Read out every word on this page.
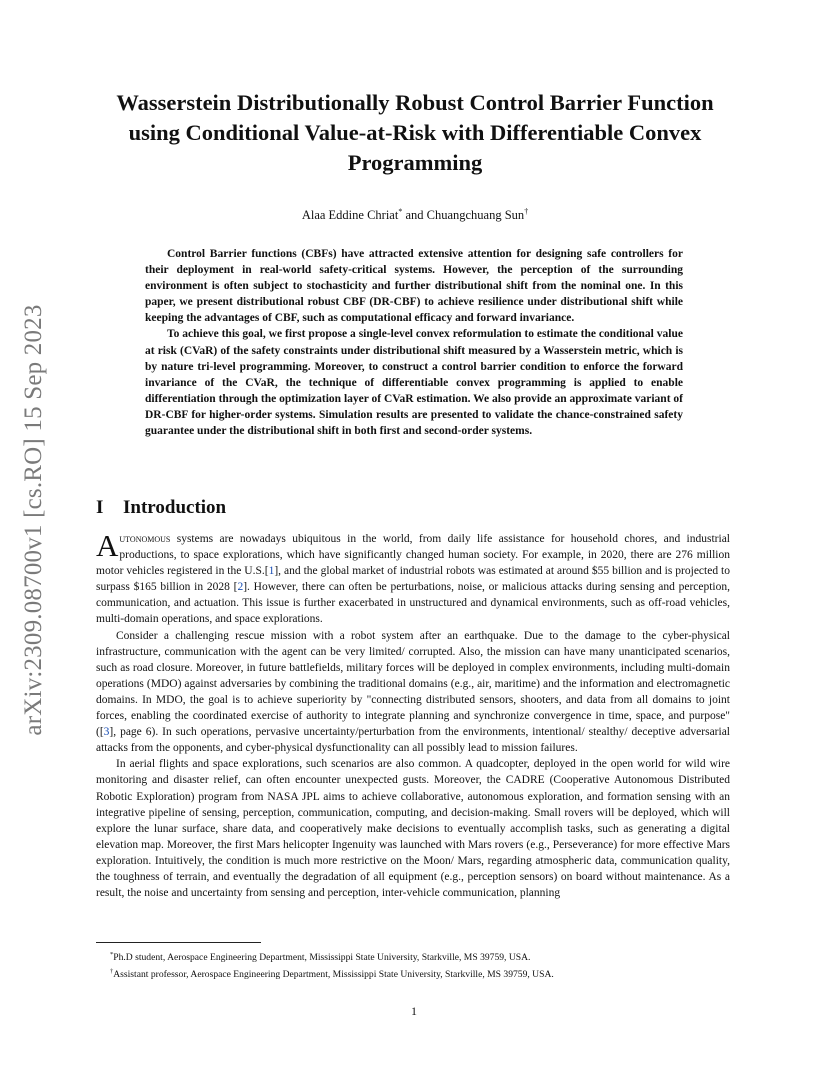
arXiv:2309.08700v1 [cs.RO] 15 Sep 2023
Wasserstein Distributionally Robust Control Barrier Function using Conditional Value-at-Risk with Differentiable Convex Programming
Alaa Eddine Chriat* and Chuangchuang Sun†

Control Barrier functions (CBFs) have attracted extensive attention for designing safe controllers for their deployment in real-world safety-critical systems. However, the perception of the surrounding environment is often subject to stochasticity and further distributional shift from the nominal one. In this paper, we present distributional robust CBF (DR-CBF) to achieve resilience under distributional shift while keeping the advantages of CBF, such as computational efficacy and forward invariance.

To achieve this goal, we first propose a single-level convex reformulation to estimate the conditional value at risk (CVaR) of the safety constraints under distributional shift measured by a Wasserstein metric, which is by nature tri-level programming. Moreover, to construct a control barrier condition to enforce the forward invariance of the CVaR, the technique of differentiable convex programming is applied to enable differentiation through the optimization layer of CVaR estimation. We also provide an approximate variant of DR-CBF for higher-order systems. Simulation results are presented to validate the chance-constrained safety guarantee under the distributional shift in both first and second-order systems.

I Introduction

Autonomous systems are nowadays ubiquitous in the world, from daily life assistance for household chores, and industrial productions, to space explorations, which have significantly changed human society. For example, in 2020, there are 276 million motor vehicles registered in the U.S.[1], and the global market of industrial robots was estimated at around $55 billion and is projected to surpass $165 billion in 2028 [2]. However, there can often be perturbations, noise, or malicious attacks during sensing and perception, communication, and actuation. This issue is further exacerbated in unstructured and dynamical environments, such as off-road vehicles, multi-domain operations, and space explorations.

Consider a challenging rescue mission with a robot system after an earthquake. Due to the damage to the cyber-physical infrastructure, communication with the agent can be very limited/ corrupted. Also, the mission can have many unanticipated scenarios, such as road closure. Moreover, in future battlefields, military forces will be deployed in complex environments, including multi-domain operations (MDO) against adversaries by combining the traditional domains (e.g., air, maritime) and the information and electromagnetic domains. In MDO, the goal is to achieve superiority by "connecting distributed sensors, shooters, and data from all domains to joint forces, enabling the coordinated exercise of authority to integrate planning and synchronize convergence in time, space, and purpose" ([3], page 6). In such operations, pervasive uncertainty/perturbation from the environments, intentional/ stealthy/ deceptive adversarial attacks from the opponents, and cyber-physical dysfunctionality can all possibly lead to mission failures.

In aerial flights and space explorations, such scenarios are also common. A quadcopter, deployed in the open world for wild wire monitoring and disaster relief, can often encounter unexpected gusts. Moreover, the CADRE (Cooperative Autonomous Distributed Robotic Exploration) program from NASA JPL aims to achieve collaborative, autonomous exploration, and formation sensing with an integrative pipeline of sensing, perception, communication, computing, and decision-making. Small rovers will be deployed, which will explore the lunar surface, share data, and cooperatively make decisions to eventually accomplish tasks, such as generating a digital elevation map. Moreover, the first Mars helicopter Ingenuity was launched with Mars rovers (e.g., Perseverance) for more effective Mars exploration. Intuitively, the condition is much more restrictive on the Moon/ Mars, regarding atmospheric data, communication quality, the toughness of terrain, and eventually the degradation of all equipment (e.g., perception sensors) on board without maintenance. As a result, the noise and uncertainty from sensing and perception, inter-vehicle communication, planning

*Ph.D student, Aerospace Engineering Department, Mississippi State University, Starkville, MS 39759, USA.
†Assistant professor, Aerospace Engineering Department, Mississippi State University, Starkville, MS 39759, USA.
1
